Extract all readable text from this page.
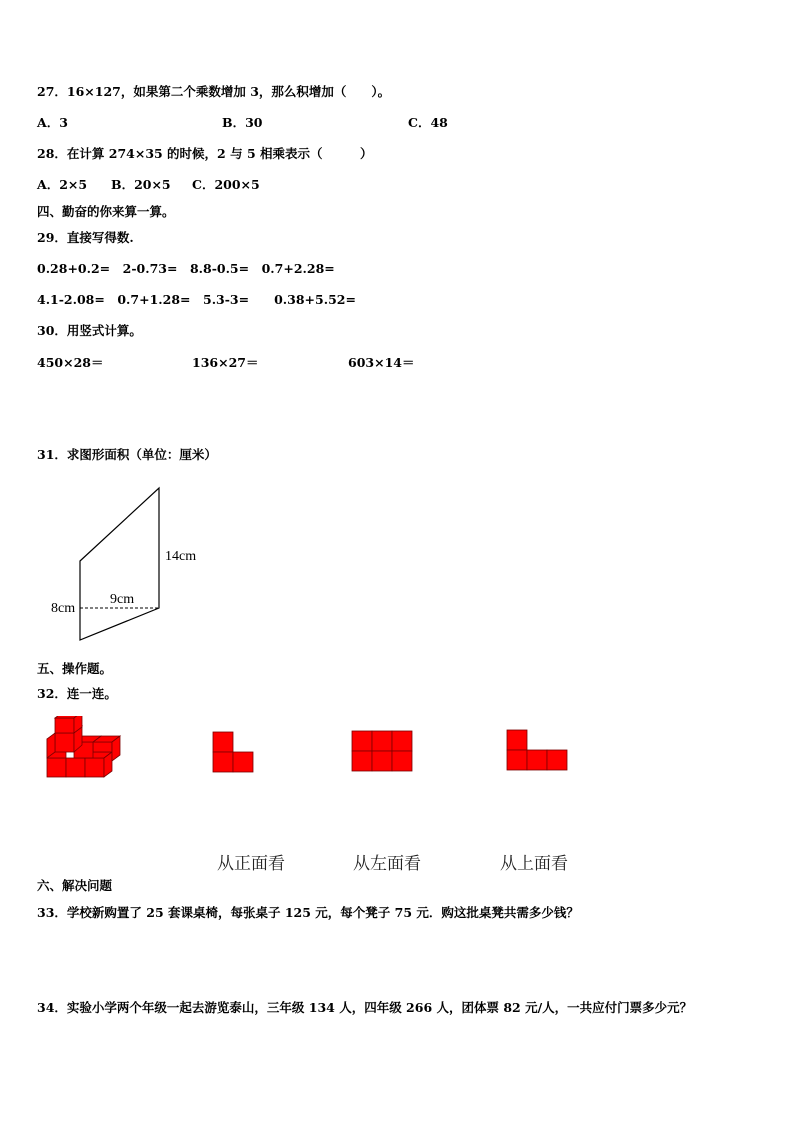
27．16×127，如果第二个乘数增加 3，那么积增加（　　）。
A．3	B．30	C．48
28．在计算 274×35 的时候，2 与 5 相乘表示（　　　）
A．2×5 B．20×5 C．200×5
四、勤奋的你来算一算。
29．直接写得数.
0.28+0.2=　2-0.73=　8.8-0.5=　0.7+2.28=
4.1-2.08=　0.7+1.28=　5.3-3=　　0.38+5.52=
30．用竖式计算。
450×28＝	136×27＝	603×14＝
31．求图形面积（单位：厘米）
14cm
9cm
8cm
五、操作题。
32．连一连。
从正面看	从左面看	从上面看
六、解决问题
33．学校新购置了 25 套课桌椅，每张桌子 125 元，每个凳子 75 元．购这批桌凳共需多少钱？
34．实验小学两个年级一起去游览泰山，三年级 134 人，四年级 266 人，团体票 82 元/人，一共应付门票多少元？
